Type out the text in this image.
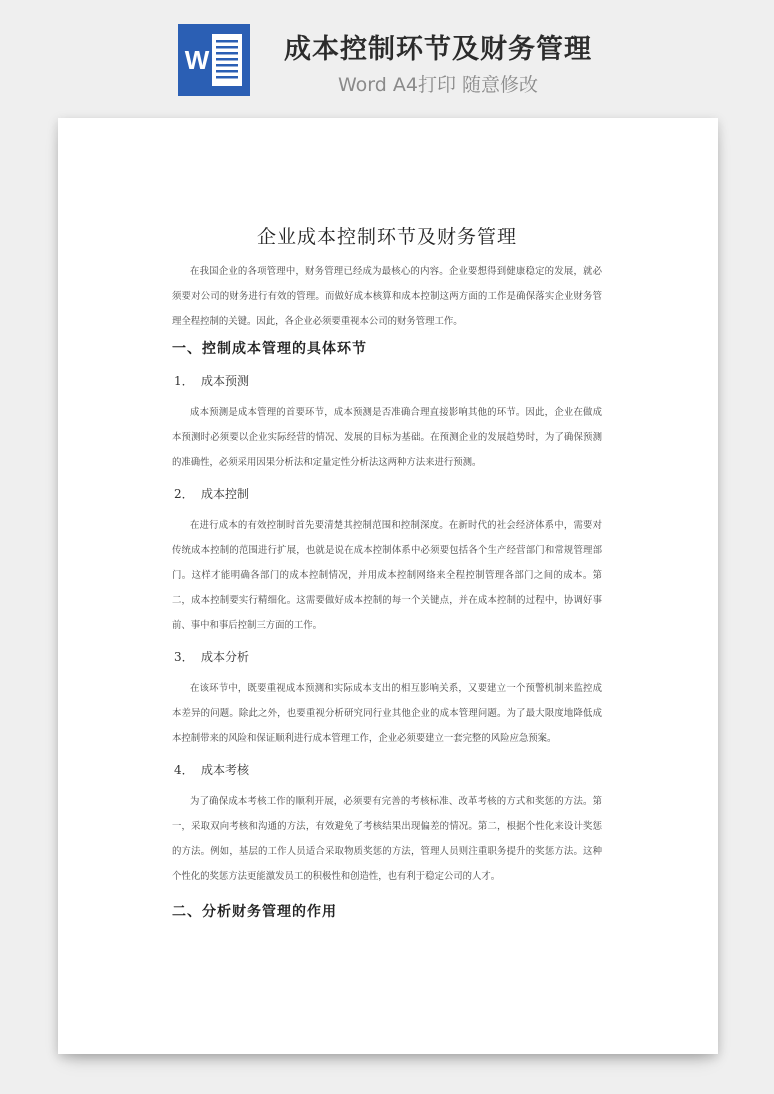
W	成本控制环节及财务管理
Word A4打印 随意修改
企业成本控制环节及财务管理

在我国企业的各项管理中，财务管理已经成为最核心的内容。企业要想得到健康稳定的发展，就必须要对公司的财务进行有效的管理。而做好成本核算和成本控制这两方面的工作是确保落实企业财务管理全程控制的关键。因此，各企业必须要重视本公司的财务管理工作。

一、控制成本管理的具体环节
1． 成本预测

成本预测是成本管理的首要环节，成本预测是否准确合理直接影响其他的环节。因此，企业在做成本预测时必须要以企业实际经营的情况、发展的目标为基础。在预测企业的发展趋势时，为了确保预测的准确性，必须采用因果分析法和定量定性分析法这两种方法来进行预测。

2． 成本控制

在进行成本的有效控制时首先要清楚其控制范围和控制深度。在新时代的社会经济体系中，需要对传统成本控制的范围进行扩展，也就是说在成本控制体系中必须要包括各个生产经营部门和常规管理部门。这样才能明确各部门的成本控制情况，并用成本控制网络来全程控制管理各部门之间的成本。第二，成本控制要实行精细化。这需要做好成本控制的每一个关键点，并在成本控制的过程中，协调好事前、事中和事后控制三方面的工作。

3． 成本分析

在该环节中，既要重视成本预测和实际成本支出的相互影响关系，又要建立一个预警机制来监控成本差异的问题。除此之外，也要重视分析研究同行业其他企业的成本管理问题。为了最大限度地降低成本控制带来的风险和保证顺利进行成本管理工作，企业必须要建立一套完整的风险应急预案。

4． 成本考核

为了确保成本考核工作的顺利开展，必须要有完善的考核标准、改革考核的方式和奖惩的方法。第一，采取双向考核和沟通的方法，有效避免了考核结果出现偏差的情况。第二，根据个性化来设计奖惩的方法。例如，基层的工作人员适合采取物质奖惩的方法，管理人员则注重职务提升的奖惩方法。这种个性化的奖惩方法更能激发员工的积极性和创造性，也有利于稳定公司的人才。

二、分析财务管理的作用
